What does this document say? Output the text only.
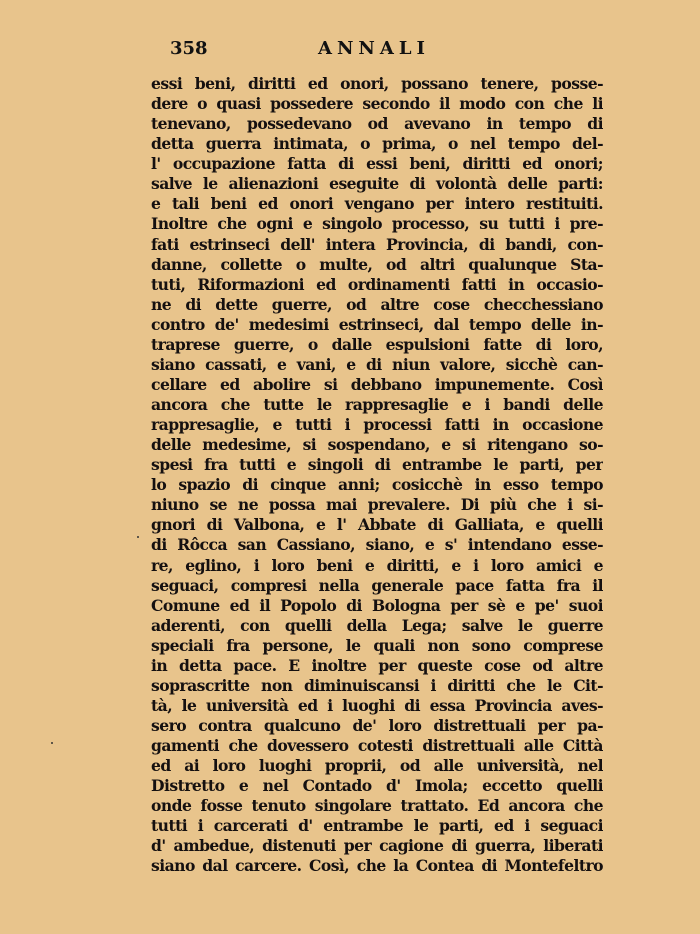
358	ANNALI
essi beni, diritti ed onori, possano tenere, posse-
dere o quasi possedere secondo il modo con che li
tenevano, possedevano od avevano in tempo di
detta guerra intimata, o prima, o nel tempo del-
l' occupazione fatta di essi beni, diritti ed onori;
salve le alienazioni eseguite di volontà delle parti:
e tali beni ed onori vengano per intero restituiti.
Inoltre che ogni e singolo processo, su tutti i pre-
fati estrinseci dell' intera Provincia, di bandi, con-
danne, collette o multe, od altri qualunque Sta-
tuti, Riformazioni ed ordinamenti fatti in occasio-
ne di dette guerre, od altre cose checchessiano
contro de' medesimi estrinseci, dal tempo delle in-
traprese guerre, o dalle espulsioni fatte di loro,
siano cassati, e vani, e di niun valore, sicchè can-
cellare ed abolire si debbano impunemente. Così
ancora che tutte le rappresaglie e i bandi delle
rappresaglie, e tutti i processi fatti in occasione
delle medesime, si sospendano, e si ritengano so-
spesi fra tutti e singoli di entrambe le parti, per
lo spazio di cinque anni; cosicchè in esso tempo
niuno se ne possa mai prevalere. Di più che i si-
gnori di Valbona, e l' Abbate di Galliata, e quelli
di Rôcca san Cassiano, siano, e s' intendano esse-
re, eglino, i loro beni e diritti, e i loro amici e
seguaci, compresi nella generale pace fatta fra il
Comune ed il Popolo di Bologna per sè e pe' suoi
aderenti, con quelli della Lega; salve le guerre
speciali fra persone, le quali non sono comprese
in detta pace. E inoltre per queste cose od altre
soprascritte non diminuiscansi i diritti che le Cit-
tà, le università ed i luoghi di essa Provincia aves-
sero contra qualcuno de' loro distrettuali per pa-
gamenti che dovessero cotesti distrettuali alle Città
ed ai loro luoghi proprii, od alle università, nel
Distretto e nel Contado d' Imola; eccetto quelli
onde fosse tenuto singolare trattato. Ed ancora che
tutti i carcerati d' entrambe le parti, ed i seguaci
d' ambedue, distenuti per cagione di guerra, liberati
siano dal carcere. Così, che la Contea di Montefeltro
